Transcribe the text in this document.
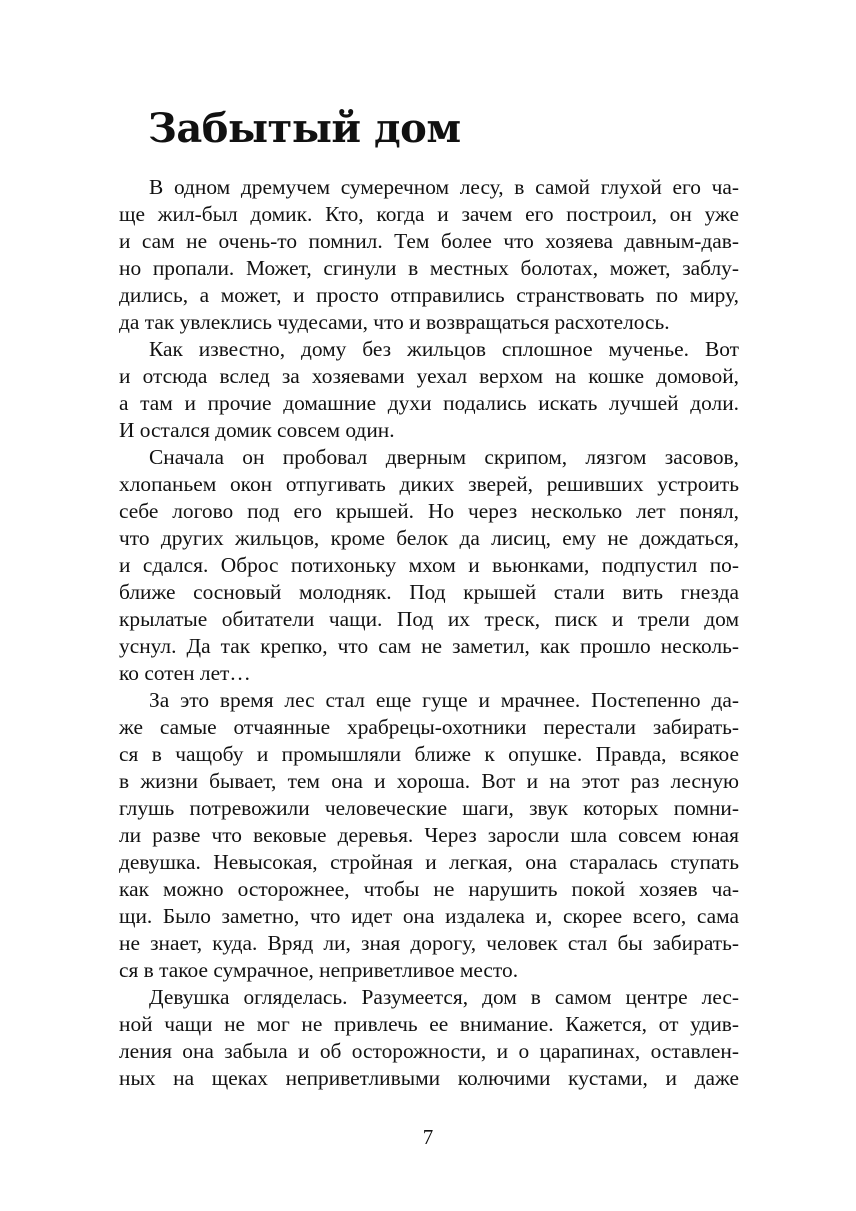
Забытый дом
В одном дремучем сумеречном лесу, в самой глухой его ча-
ще жил-был домик. Кто, когда и зачем его построил, он уже
и сам не очень-то помнил. Тем более что хозяева давным-дав-
но пропали. Может, сгинули в местных болотах, может, заблу-
дились, а может, и просто отправились странствовать по миру,
да так увлеклись чудесами, что и возвращаться расхотелось.
Как известно, дому без жильцов сплошное мученье. Вот
и отсюда вслед за хозяевами уехал верхом на кошке домовой,
а там и прочие домашние духи подались искать лучшей доли.
И остался домик совсем один.
Сначала он пробовал дверным скрипом, лязгом засовов,
хлопаньем окон отпугивать диких зверей, решивших устроить
себе логово под его крышей. Но через несколько лет понял,
что других жильцов, кроме белок да лисиц, ему не дождаться,
и сдался. Оброс потихоньку мхом и вьюнками, подпустил по-
ближе сосновый молодняк. Под крышей стали вить гнезда
крылатые обитатели чащи. Под их треск, писк и трели дом
уснул. Да так крепко, что сам не заметил, как прошло несколь-
ко сотен лет…
За это время лес стал еще гуще и мрачнее. Постепенно да-
же самые отчаянные храбрецы-охотники перестали забирать-
ся в чащобу и промышляли ближе к опушке. Правда, всякое
в жизни бывает, тем она и хороша. Вот и на этот раз лесную
глушь потревожили человеческие шаги, звук которых помни-
ли разве что вековые деревья. Через заросли шла совсем юная
девушка. Невысокая, стройная и легкая, она старалась ступать
как можно осторожнее, чтобы не нарушить покой хозяев ча-
щи. Было заметно, что идет она издалека и, скорее всего, сама
не знает, куда. Вряд ли, зная дорогу, человек стал бы забирать-
ся в такое сумрачное, неприветливое место.
Девушка огляделась. Разумеется, дом в самом центре лес-
ной чащи не мог не привлечь ее внимание. Кажется, от удив-
ления она забыла и об осторожности, и о царапинах, оставлен-
ных на щеках неприветливыми колючими кустами, и даже
7
